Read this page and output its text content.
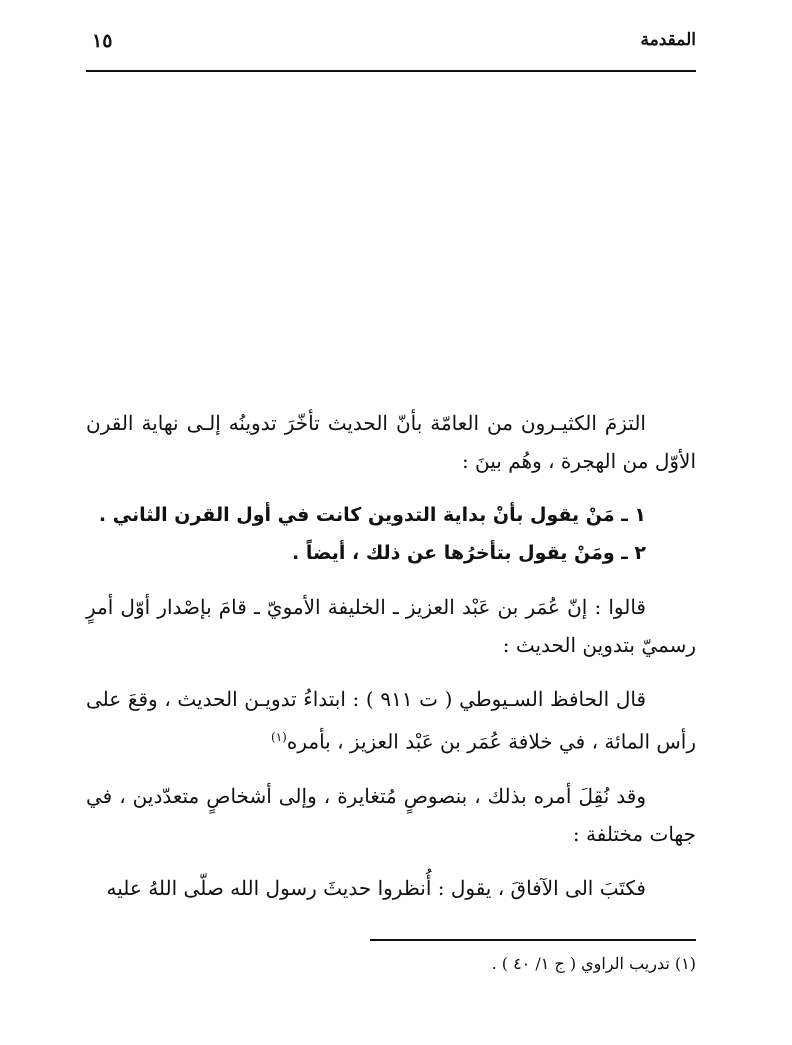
المقدمة
١٥

التزمَ الكثيـرون من العامّة بأنّ الحديث تأخّرَ تدوينُه إلـى نهاية القرن الأوّل من الهجرة ، وهُم بينَ :

١ ـ مَنْ يقول بأنْ بداية التدوين كانت في أول القرن الثاني .

٢ ـ ومَنْ يقول بتأخرُها عن ذلك ، أيضاً .

قالوا : إنّ عُمَر بن عَبْد العزيز ـ الخليفة الأمويّ ـ قامَ بإصْدار أوّل أمرٍ رسميّ بتدوين الحديث :

قال الحافظ السـيوطي ( ت ٩١١ ) : ابتداءُ تدويـن الحديث ، وقعَ على رأس المائة ، في خلافة عُمَر بن عَبْد العزيز ، بأمره$^{(١)}$

وقد نُقِلَ أمره بذلك ، بنصوصٍ مُتغايرة ، وإلى أشخاصٍ متعدّدين ، في جهات مختلفة :

فكتَبَ الى الآفاقَ ، يقول : أُنظروا حديثَ رسول الله صلّى اللهُ عليه

(١) تدريب الراوي ( ج ١/ ٤٠ ) .
